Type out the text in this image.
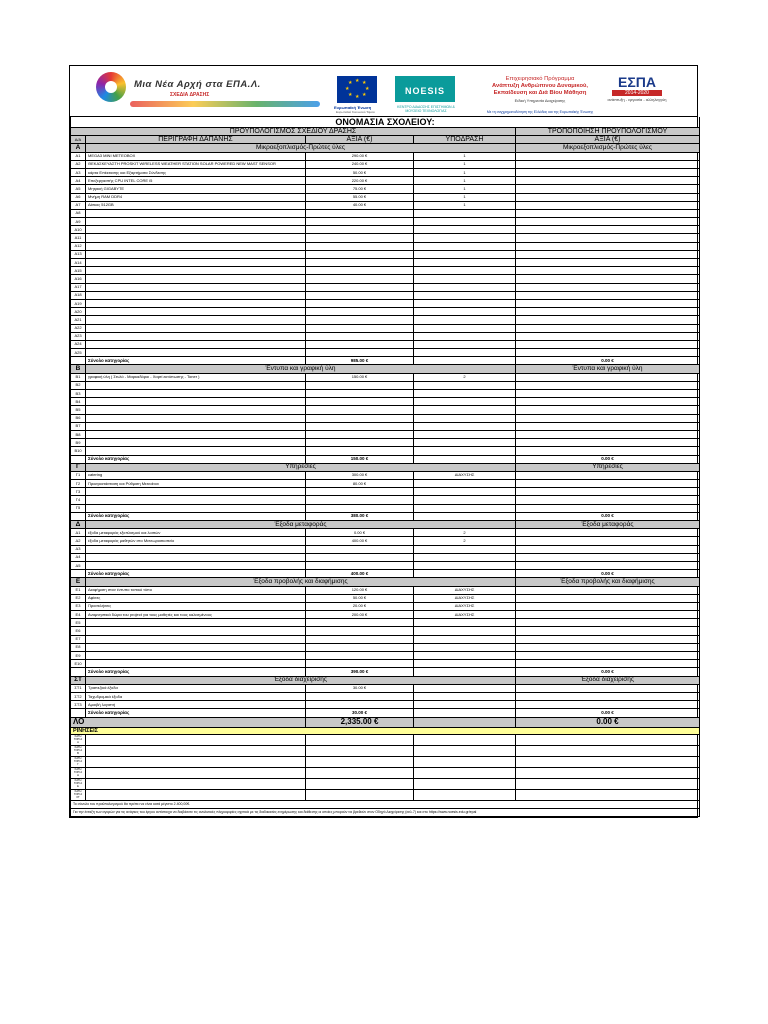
Μια Νέα Αρχή στα ΕΠΑ.Λ.
ΣΧΕΔΙΑ ΔΡΑΣΗΣ
★ ★
★
★
★
★
★
★
Ευρωπαϊκή Ένωση
Ευρωπαϊκό Κοινωνικό Ταμείο
NOESIS
ΚΕΝΤΡΟ ΔΙΑΔΟΣΗΣ ΕΠΙΣΤΗΜΩΝ & ΜΟΥΣΕΙΟ ΤΕΧΝΟΛΟΓΙΑΣ
Επιχειρησιακό Πρόγραμμα
Ανάπτυξη Ανθρώπινου Δυναμικού,
Εκπαίδευση και Διά Βίου Μάθηση
Ειδική Υπηρεσία Διαχείρισης
Με τη συγχρηματοδότηση της Ελλάδας και της Ευρωπαϊκής Ένωσης
ΕΣΠΑ
2014-2020
ανάπτυξη - εργασία - αλληλεγγύη
ΟΝΟΜΑΣΙΑ ΣΧΟΛΕΙΟΥ:				
ΠΡΟΥΠΟΛΟΓΙΣΜΟΣ ΣΧΕΔΙΟΥ ΔΡΑΣΗΣ				ΤΡΟΠΟΠΟΙΗΣΗ ΠΡΟΥΠΟΛΟΓΙΣΜΟΥ
Α/Α	ΠΕΡΙΓΡΑΦΗ ΔΑΠΑΝΗΣ	ΑΞΙΑ (€)	ΥΠΟΔΡΑΣΗ	ΑΞΙΑ (€)
Α	Μικροεξοπλισμός-Πρώτες ύλες			Μικροεξοπλισμός-Πρώτες ύλες
Α1	MEGA3 MINI METEOBOX	290.00 €	1	
Α2	ΘΕΚΑΣΚΕΥΑΣΤΗ PROSKIT WIRELESS WEATHER STATION SOLAR POWERED NEW MAST SENSOR	240.00 €	1	
Α3	κάρτα Επέκτασης και Εξαρτήματα Σύνδεσης	50.00 €	1	
Α4	Επεξεργαστής CPU INTEL CORE i5	220.00 €	1	
Α5	Μητρική GIGABYTE	75.00 €	1	
Α6	Μνήμη RAM DDR4	55.00 €	1	
Α7	Δίσκος 512GB	40.00 €	1	
Α8				
Α9				
Α10				
Α11				
Α12				
Α13				
Α14				
Α15				
Α16				
Α17				
Α18				
Α19				
Α20				
Α21				
Α22				
Α23				
Α24				
Α25				
	Σύνολο κατηγορίας	985.00 €		0.00 €
Β	Έντυπα και γραφική ύλη			Έντυπα και γραφική ύλη
Β1	γραφική ύλη ( Στυλό - Μαρκαδόροι - Χαρτί εκτύπωσης - Toner )	150.00 €	2	
Β2				
Β3				
Β4				
Β5				
Β6				
Β7				
Β8				
Β9				
Β10				
	Σύνολο κατηγορίας	150.00 €		0.00 €
Γ	Υπηρεσίες			Υπηρεσίες
Γ1	catering	300.00 €	ΔΙΑΧΥΣΗΣ	
Γ2	Προεγκατάσταση και Ρύθμιση Μετεοbox	80.00 €		
Γ3				
Γ4				
Γ5				
	Σύνολο κατηγορίας	380.00 €		0.00 €
Δ	Έξοδα μεταφοράς			Έξοδα μεταφοράς
Δ1	έξοδα μεταφοράς εξοπλισμού και λοιπών	0.00 €	2	
Δ2	έξοδα μεταφοράς μαθητών στο Μετεωροσκοπείο	400.00 €	2	
Δ3				
Δ4				
Δ5				
	Σύνολο κατηγορίας	400.00 €		0.00 €
Ε	Έξοδα προβολής και διαφήμισης			Έξοδα προβολής και διαφήμισης
Ε1	Διαφήμιση στον έντυπο τοπικό τύπο	120.00 €	ΔΙΑΧΥΣΗΣ	
Ε2	Αφίσες	50.00 €	ΔΙΑΧΥΣΗΣ	
Ε3	Προσκλήσεις	20.00 €	ΔΙΑΧΥΣΗΣ	
Ε4	Αναμνηστικά δώρα του project για τους μαθητές και τους καλεσμένους	200.00 €	ΔΙΑΧΥΣΗΣ	
Ε5				
Ε6				
Ε7				
Ε8				
Ε9				
Ε10				
	Σύνολο κατηγορίας	390.00 €		0.00 €
ΣΤ	Έξοδα διαχείρισης			Έξοδα διαχείρισης
ΣΤ1	Τραπεζικά έξοδα	30.00 €		
ΣΤ2	Ταχυδρομικά έξοδα			
ΣΤ3	Αμοιβή λογιστή			
	Σύνολο κατηγορίας	30.00 €		0.00 €
ΛΟ		2,335.00 €		0.00 €
ΡΙΝΗΣΕΙΣ				
ΚΑΤΗ ΓΟΡΙ Α Α				
ΚΑΤΗ ΓΟΡΙ Α Β				
ΚΑΤΗ ΓΟΡΙ Α Γ				
ΚΑΤΗ ΓΟΡΙ Α Δ				
ΚΑΤΗ ΓΟΡΙ Α Ε				
ΚΑΤΗ ΓΟΡΙ Α ΣΤ				
Το σύνολο του προϋπολογισμού θα πρέπει να είναι κατά μέγιστο 2.400,00€.				
Για την ένταξη των αγορών για τις ανάγκες του έργου αντίστοιχα να διαβάσετε τις αναλυτικές πληροφορίες σχετικά με τις διαδικασίες ενημέρωσης και διάθεσης οι οποίες μπορούν να βρεθούν στον Οδηγό Διαχείρισης (σελ.7) και στο https://www.noesis.edu.gr/epal				
